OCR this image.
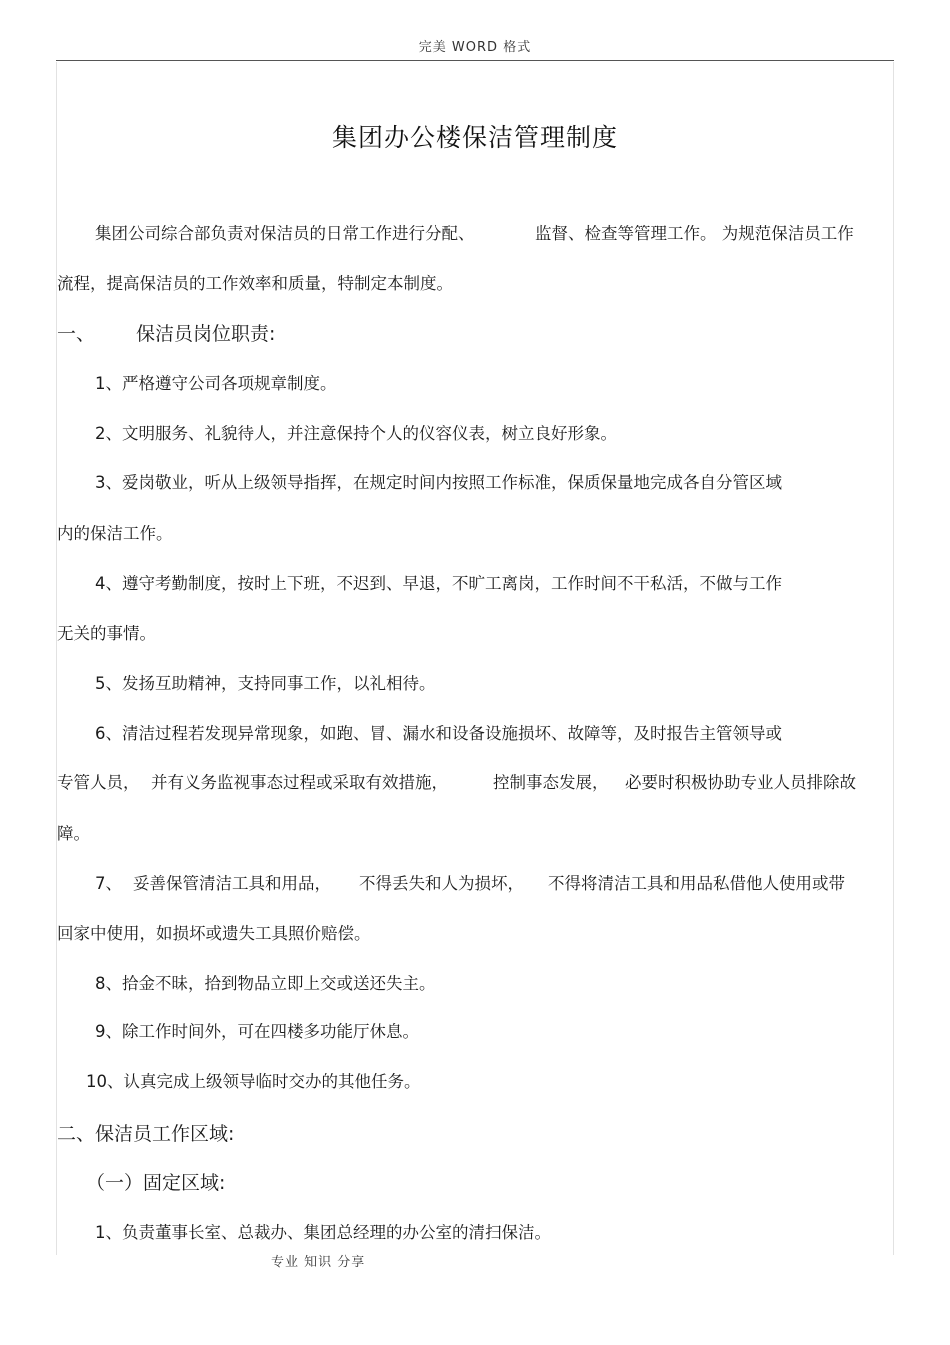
完美 WORD 格式
集团办公楼保洁管理制度
集团公司综合部负责对保洁员的日常工作进行分配、	监督、检查等管理工作。 为规范保洁员工作
流程，提高保洁员的工作效率和质量，特制定本制度。
一、 保洁员岗位职责:
1、严格遵守公司各项规章制度。
2、文明服务、礼貌待人，并注意保持个人的仪容仪表，树立良好形象。
3、爱岗敬业，听从上级领导指挥，在规定时间内按照工作标准，保质保量地完成各自分管区域
内的保洁工作。
4、遵守考勤制度，按时上下班，不迟到、早退，不旷工离岗，工作时间不干私活，不做与工作
无关的事情。
5、发扬互助精神，支持同事工作，以礼相待。
6、清洁过程若发现异常现象，如跑、冒、漏水和设备设施损坏、故障等，及时报告主管领导或
专管人员， 并有义务监视事态过程或采取有效措施，	控制事态发展， 必要时积极协助专业人员排除故
障。
7、 妥善保管清洁工具和用品， 不得丢失和人为损坏， 不得将清洁工具和用品私借他人使用或带
回家中使用，如损坏或遗失工具照价赔偿。
8、拾金不昧，拾到物品立即上交或送还失主。
9、除工作时间外，可在四楼多功能厅休息。
10、认真完成上级领导临时交办的其他任务。
二、保洁员工作区域:
（一）固定区域:
1、负责董事长室、总裁办、集团总经理的办公室的清扫保洁。
专业 知识 分享
